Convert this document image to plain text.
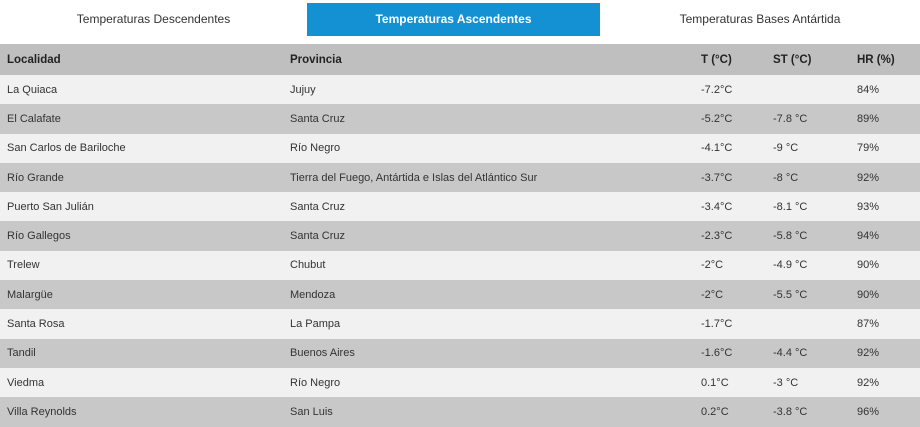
Temperaturas Descendentes	Temperaturas Ascendentes	Temperaturas Bases Antártida
Localidad	Provincia	T (°C)	ST (°C)	HR (%)
La Quiaca	Jujuy	-7.2°C		84%
El Calafate	Santa Cruz	-5.2°C	-7.8 °C	89%
San Carlos de Bariloche	Río Negro	-4.1°C	-9 °C	79%
Río Grande	Tierra del Fuego, Antártida e Islas del Atlántico Sur	-3.7°C	-8 °C	92%
Puerto San Julián	Santa Cruz	-3.4°C	-8.1 °C	93%
Río Gallegos	Santa Cruz	-2.3°C	-5.8 °C	94%
Trelew	Chubut	-2°C	-4.9 °C	90%
Malargüe	Mendoza	-2°C	-5.5 °C	90%
Santa Rosa	La Pampa	-1.7°C		87%
Tandil	Buenos Aires	-1.6°C	-4.4 °C	92%
Viedma	Río Negro	0.1°C	-3 °C	92%
Villa Reynolds	San Luis	0.2°C	-3.8 °C	96%
